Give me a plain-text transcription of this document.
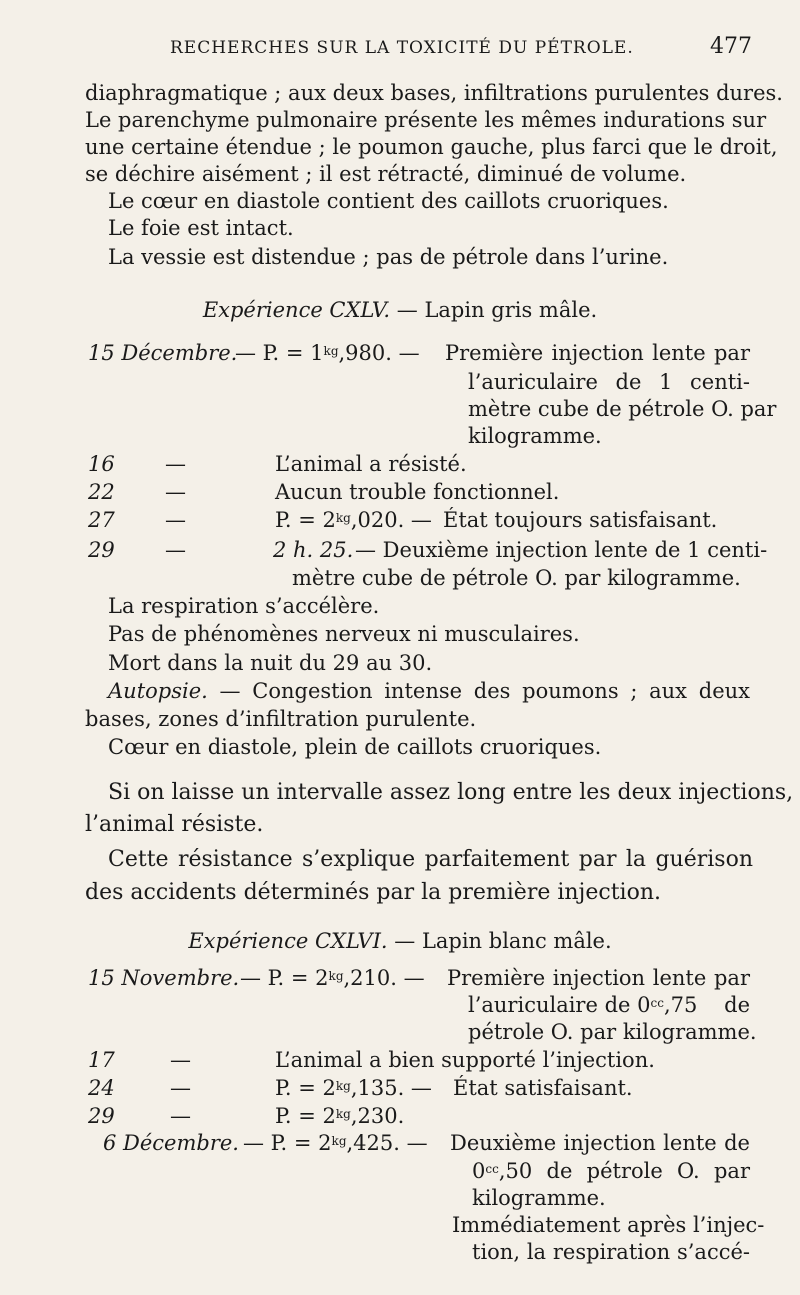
RECHERCHES SUR LA TOXICITÉ DU PÉTROLE.	477
diaphragmatique ; aux deux bases, infiltrations purulentes dures.
Le parenchyme pulmonaire présente les mêmes indurations sur
une certaine étendue ; le poumon gauche, plus farci que le droit,
se déchire aisément ; il est rétracté, diminué de volume.
Le cœur en diastole contient des caillots cruoriques.
Le foie est intact.
La vessie est distendue ; pas de pétrole dans l’urine.
Expérience CXLV. — Lapin gris mâle.
15 Décembre.
— P. = $1^{kg},980$. — Première injection lente par
l’auriculaire de 1 centi-
mètre cube de pétrole O. par
kilogramme.
16 —	L’animal a résisté.
22 —	Aucun trouble fonctionnel.
27 —	P. = $2^{kg},020$. — État toujours satisfaisant.
29 —	2 h. 25. — Deuxième injection lente de 1 centi-
mètre cube de pétrole O. par kilogramme.
La respiration s’accélère.
Pas de phénomènes nerveux ni musculaires.
Mort dans la nuit du 29 au 30.
Autopsie. — Congestion intense des poumons ; aux deux
bases, zones d’infiltration purulente.
Cœur en diastole, plein de caillots cruoriques.
Si on laisse un intervalle assez long entre les deux injections,
l’animal résiste.
Cette résistance s’explique parfaitement par la guérison
des accidents déterminés par la première injection.
Expérience CXLVI. — Lapin blanc mâle.
15 Novembre. — P. = $2^{kg},210$. — Première injection lente par
l’auriculaire de $0^{cc},75$ de
pétrole O. par kilogramme.
17	—	L’animal a bien supporté l’injection.
24	—	P. = $2^{kg},135$. — État satisfaisant.
29	—	P. = $2^{kg},230$.
6 Décembre. — P. = $2^{kg},425$. — Deuxième injection lente de
$0^{cc},50$ de pétrole O. par
kilogramme.
Immédiatement après l’injec-
tion, la respiration s’accé-
